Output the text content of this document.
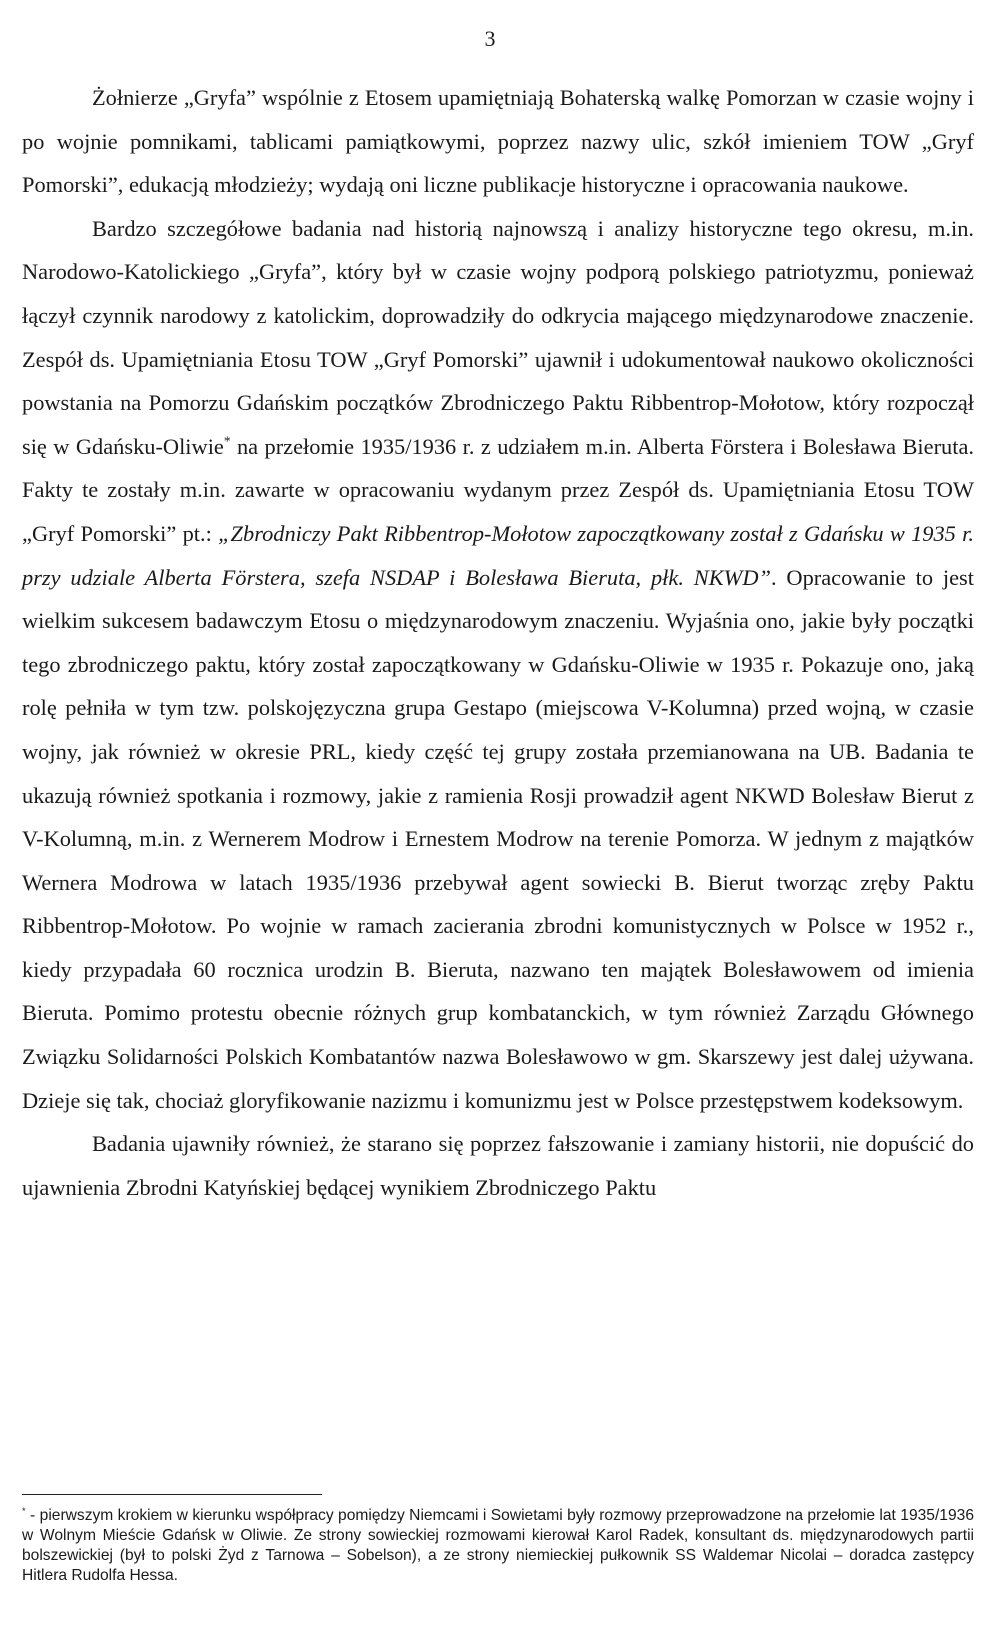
3

Żołnierze „Gryfa” wspólnie z Etosem upamiętniają Bohaterską walkę Pomorzan w czasie wojny i po wojnie pomnikami, tablicami pamiątkowymi, poprzez nazwy ulic, szkół imieniem TOW „Gryf Pomorski”, edukacją młodzieży; wydają oni liczne publikacje historyczne i opracowania naukowe.

Bardzo szczegółowe badania nad historią najnowszą i analizy historyczne tego okresu, m.in. Narodowo-Katolickiego „Gryfa”, który był w czasie wojny podporą polskiego patriotyzmu, ponieważ łączył czynnik narodowy z katolickim, doprowadziły do odkrycia mającego międzynarodowe znaczenie. Zespół ds. Upamiętniania Etosu TOW „Gryf Pomorski” ujawnił i udokumentował naukowo okoliczności powstania na Pomorzu Gdańskim początków Zbrodniczego Paktu Ribbentrop-Mołotow, który rozpoczął się w Gdańsku-Oliwie* na przełomie 1935/1936 r. z udziałem m.in. Alberta Förstera i Bolesława Bieruta. Fakty te zostały m.in. zawarte w opracowaniu wydanym przez Zespół ds. Upamiętniania Etosu TOW „Gryf Pomorski” pt.: „Zbrodniczy Pakt Ribbentrop-Mołotow zapoczątkowany został z Gdańsku w 1935 r. przy udziale Alberta Förstera, szefa NSDAP i Bolesława Bieruta, płk. NKWD”. Opracowanie to jest wielkim sukcesem badawczym Etosu o międzynarodowym znaczeniu. Wyjaśnia ono, jakie były początki tego zbrodniczego paktu, który został zapoczątkowany w Gdańsku-Oliwie w 1935 r. Pokazuje ono, jaką rolę pełniła w tym tzw. polskojęzyczna grupa Gestapo (miejscowa V-Kolumna) przed wojną, w czasie wojny, jak również w okresie PRL, kiedy część tej grupy została przemianowana na UB. Badania te ukazują również spotkania i rozmowy, jakie z ramienia Rosji prowadził agent NKWD Bolesław Bierut z V-Kolumną, m.in. z Wernerem Modrow i Ernestem Modrow na terenie Pomorza. W jednym z majątków Wernera Modrowa w latach 1935/1936 przebywał agent sowiecki B. Bierut tworząc zręby Paktu Ribbentrop-Mołotow. Po wojnie w ramach zacierania zbrodni komunistycznych w Polsce w 1952 r., kiedy przypadała 60 rocznica urodzin B. Bieruta, nazwano ten majątek Bolesławowem od imienia Bieruta. Pomimo protestu obecnie różnych grup kombatanckich, w tym również Zarządu Głównego Związku Solidarności Polskich Kombatantów nazwa Bolesławowo w gm. Skarszewy jest dalej używana. Dzieje się tak, chociaż gloryfikowanie nazizmu i komunizmu jest w Polsce przestępstwem kodeksowym.

Badania ujawniły również, że starano się poprzez fałszowanie i zamiany historii, nie dopuścić do ujawnienia Zbrodni Katyńskiej będącej wynikiem Zbrodniczego Paktu

* - pierwszym krokiem w kierunku współpracy pomiędzy Niemcami i Sowietami były rozmowy przeprowadzone na przełomie lat 1935/1936 w Wolnym Mieście Gdańsk w Oliwie. Ze strony sowieckiej rozmowami kierował Karol Radek, konsultant ds. międzynarodowych partii bolszewickiej (był to polski Żyd z Tarnowa – Sobelson), a ze strony niemieckiej pułkownik SS Waldemar Nicolai – doradca zastępcy Hitlera Rudolfa Hessa.
